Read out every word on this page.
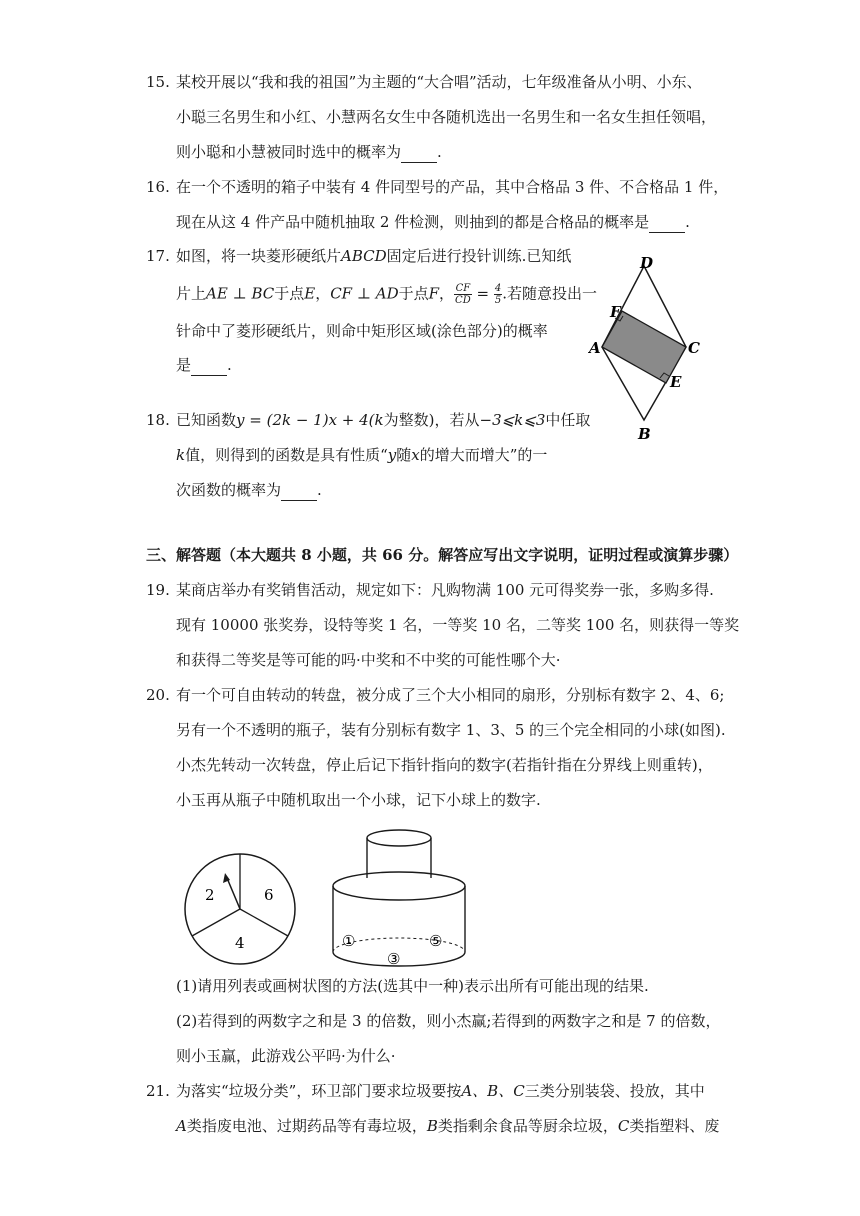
15. 某校开展以“我和我的祖国”为主题的“大合唱”活动，七年级准备从小明、小东、
小聪三名男生和小红、小慧两名女生中各随机选出一名男生和一名女生担任领唱，
则小聪和小慧被同时选中的概率为 .
16. 在一个不透明的箱子中装有 4 件同型号的产品，其中合格品 3 件、不合格品 1 件，
现在从这 4 件产品中随机抽取 2 件检测，则抽到的都是合格品的概率是 .
17. 如图，将一块菱形硬纸片ABCD固定后进行投针训练.已知纸
片上AE ⊥ BC于点E，CF ⊥ AD于点F， $\frac{CF}{CD} = \frac{4}{5}$ .若随意投出一
针命中了菱形硬纸片，则命中矩形区域(涂色部分)的概率
是 .
D
F
A	C
E
B
18. 已知函数y = (2k − 1)x + 4(k为整数)，若从−3⩽k⩽3中任取
k值，则得到的函数是具有性质“y随x的增大而增大”的一
次函数的概率为 .
三、解答题（本大题共 8 小题，共 66 分。解答应写出文字说明，证明过程或演算步骤）
19. 某商店举办有奖销售活动，规定如下：凡购物满 100 元可得奖券一张，多购多得.
现有 10000 张奖券，设特等奖 1 名，一等奖 10 名，二等奖 100 名，则获得一等奖
和获得二等奖是等可能的吗·中奖和不中奖的可能性哪个大·
20. 有一个可自由转动的转盘，被分成了三个大小相同的扇形，分别标有数字 2、4、6;
另有一个不透明的瓶子，装有分别标有数字 1、3、5 的三个完全相同的小球(如图).
小杰先转动一次转盘，停止后记下指针指向的数字(若指针指在分界线上则重转)，
小玉再从瓶子中随机取出一个小球，记下小球上的数字.
2	6
4	①
③
⑤
(1)请用列表或画树状图的方法(选其中一种)表示出所有可能出现的结果.
(2)若得到的两数字之和是 3 的倍数，则小杰赢;若得到的两数字之和是 7 的倍数，
则小玉赢，此游戏公平吗·为什么·
21. 为落实“垃圾分类”，环卫部门要求垃圾要按A、B、C三类分别装袋、投放，其中
A类指废电池、过期药品等有毒垃圾，B类指剩余食品等厨余垃圾，C类指塑料、废
